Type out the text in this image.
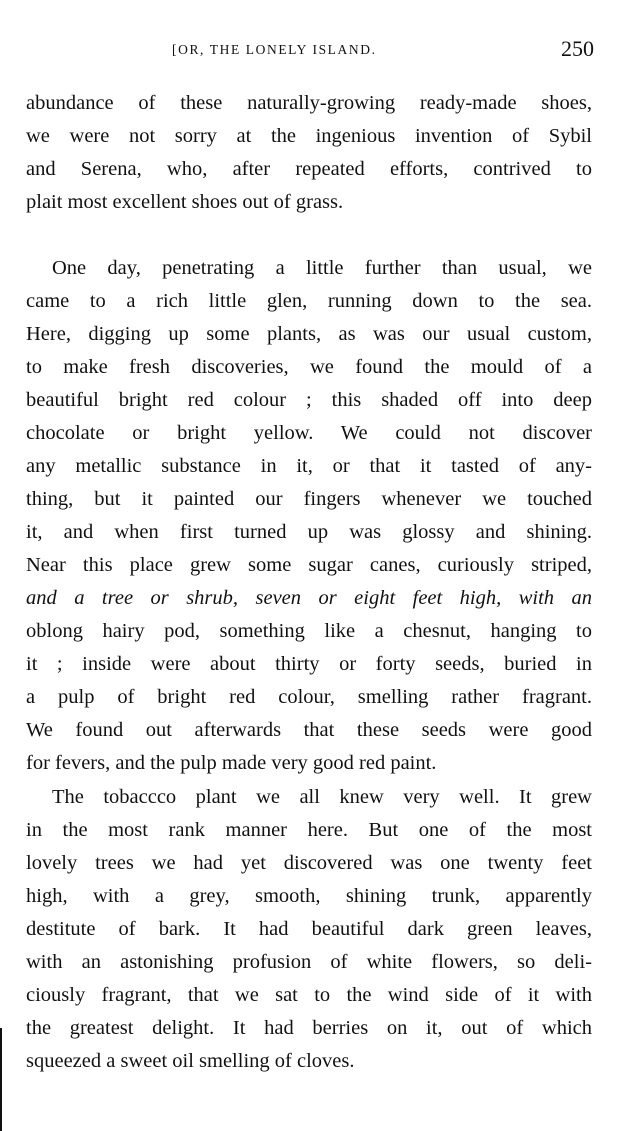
[OR, THE LONELY ISLAND.	250
abundance of these naturally-growing ready-made shoes,
we were not sorry at the ingenious invention of Sybil
and Serena, who, after repeated efforts, contrived to
plait most excellent shoes out of grass.
One day, penetrating a little further than usual, we
came to a rich little glen, running down to the sea.
Here, digging up some plants, as was our usual custom,
to make fresh discoveries, we found the mould of a
beautiful bright red colour ; this shaded off into deep
chocolate or bright yellow. We could not discover
any metallic substance in it, or that it tasted of any-
thing, but it painted our fingers whenever we touched
it, and when first turned up was glossy and shining.
Near this place grew some sugar canes, curiously striped,
and a tree or shrub, seven or eight feet high, with an
oblong hairy pod, something like a chesnut, hanging to
it ; inside were about thirty or forty seeds, buried in
a pulp of bright red colour, smelling rather fragrant.
We found out afterwards that these seeds were good
for fevers, and the pulp made very good red paint.
The tobaccco plant we all knew very well. It grew
in the most rank manner here. But one of the most
lovely trees we had yet discovered was one twenty feet
high, with a grey, smooth, shining trunk, apparently
destitute of bark. It had beautiful dark green leaves,
with an astonishing profusion of white flowers, so deli-
ciously fragrant, that we sat to the wind side of it with
the greatest delight. It had berries on it, out of which
squeezed a sweet oil smelling of cloves.
